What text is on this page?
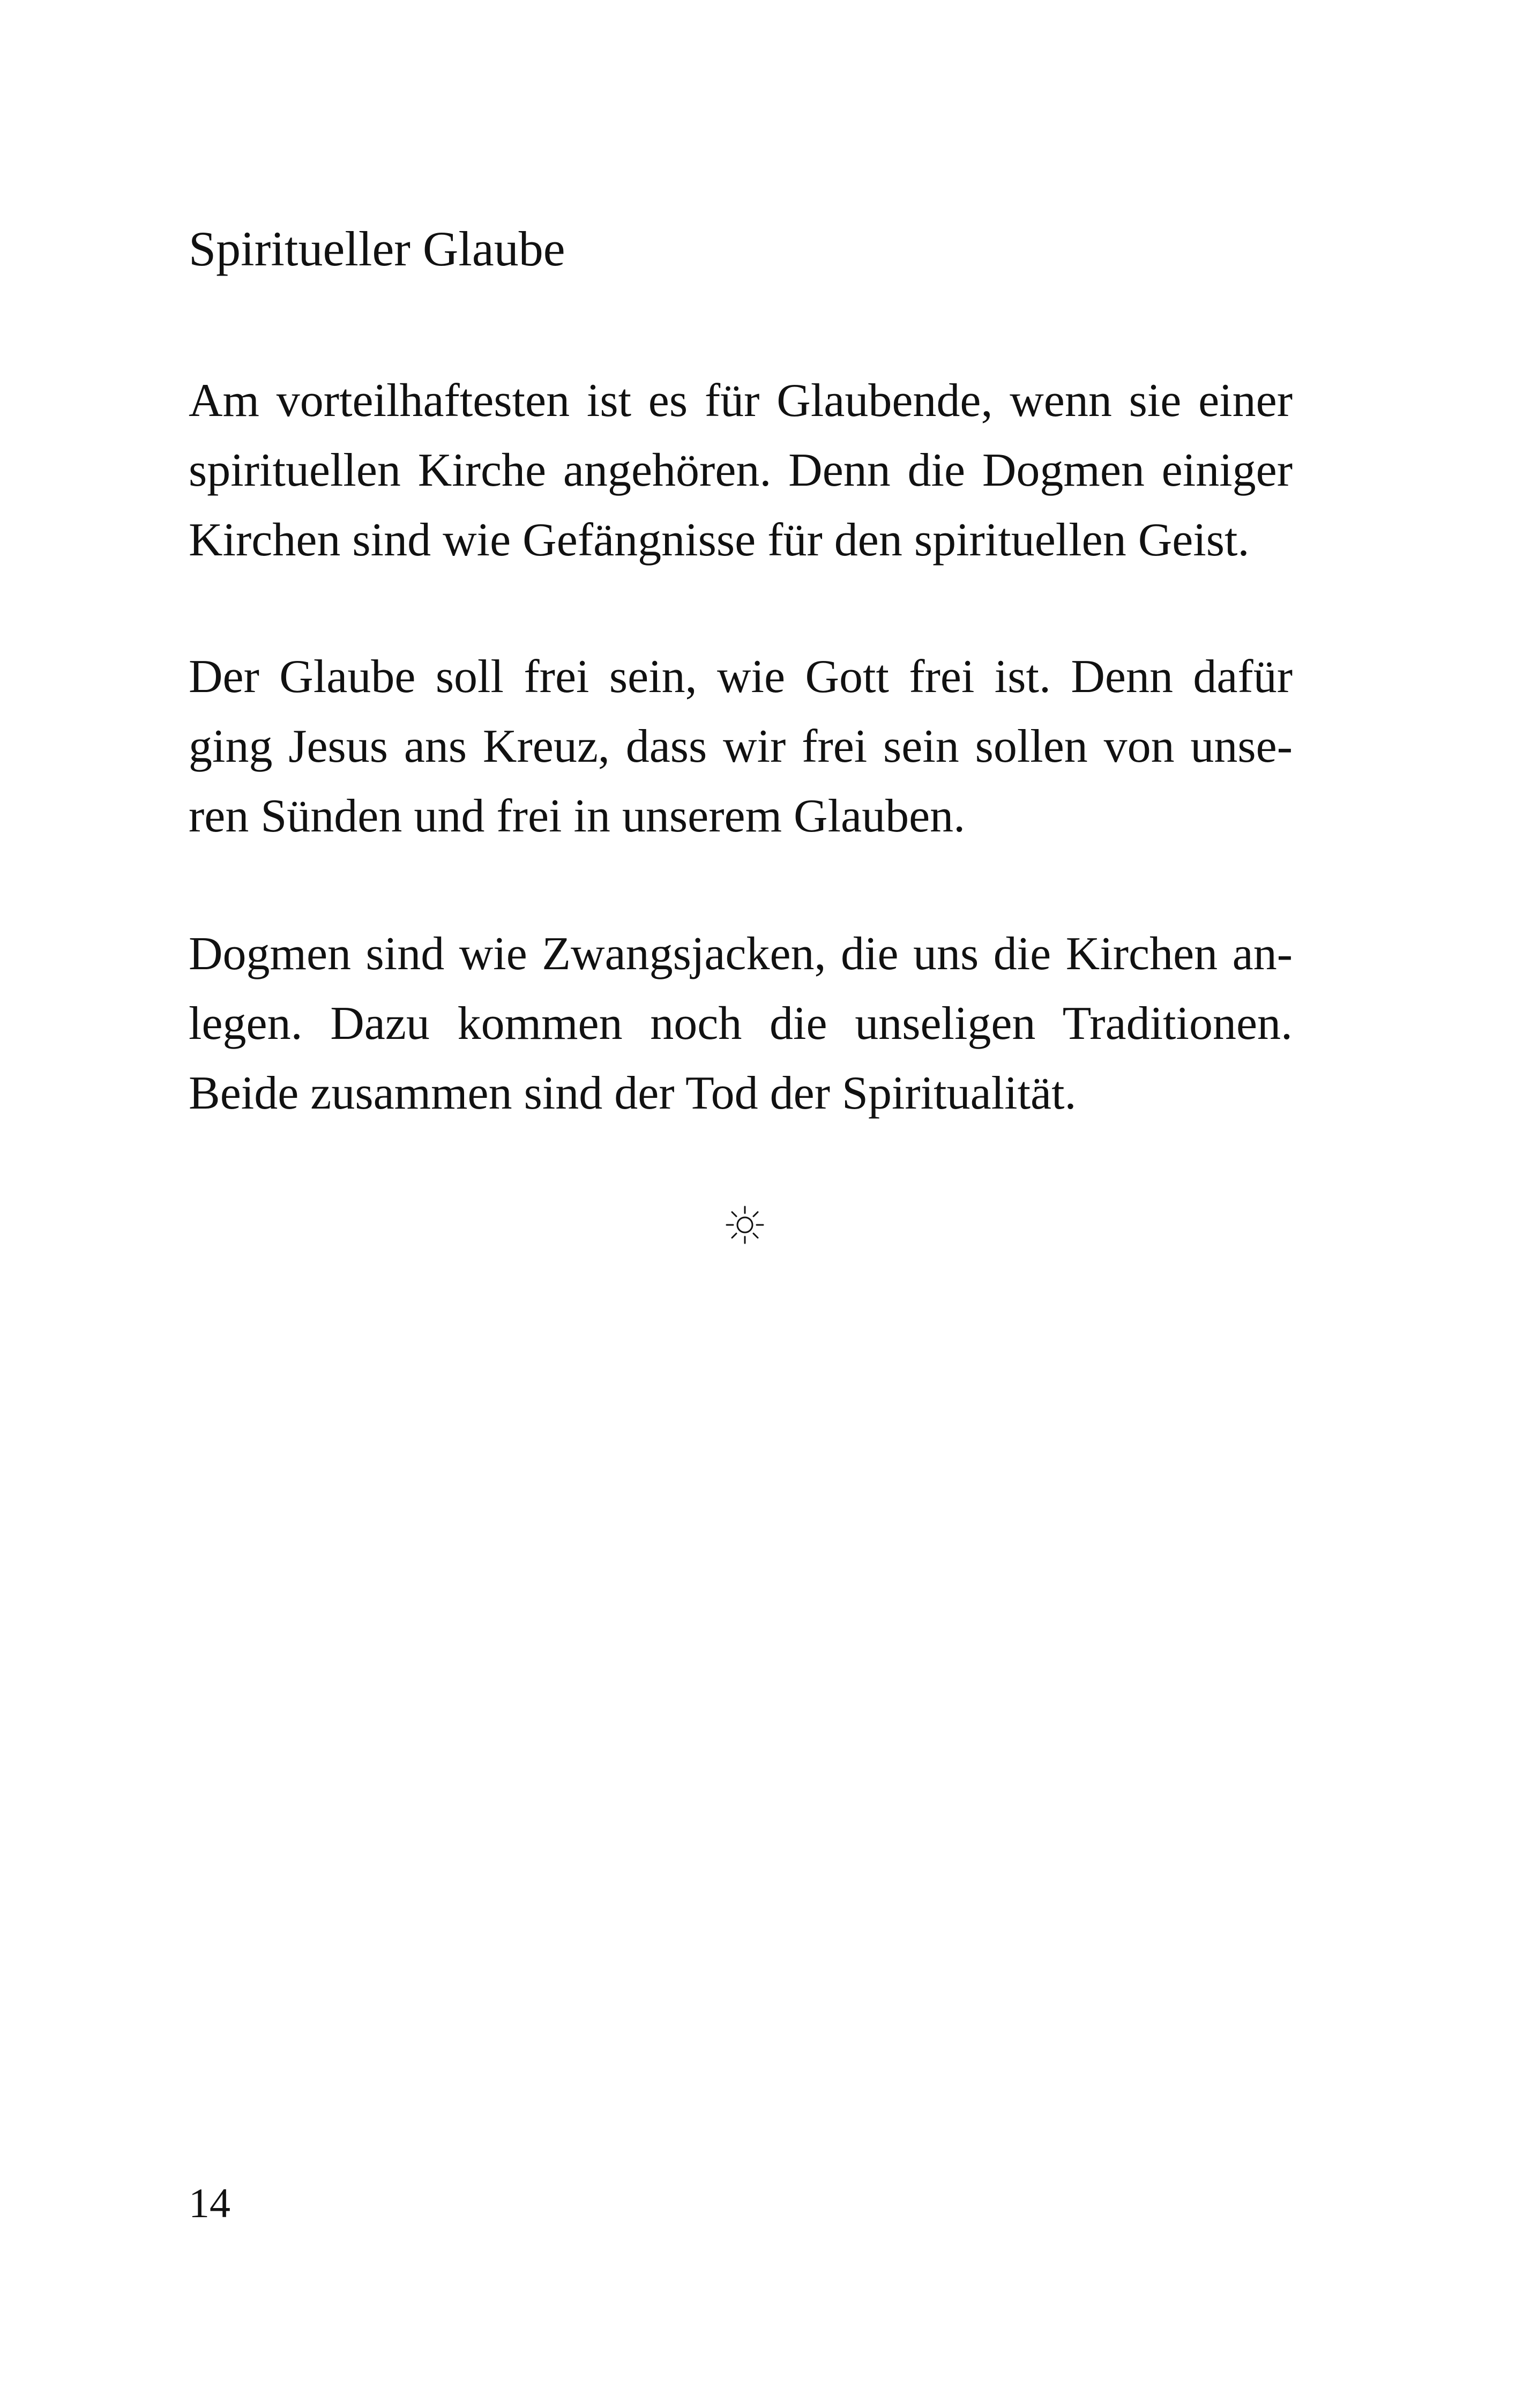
Spiritueller Glaube
Am vorteilhaftesten ist es für Glaubende, wenn sie einer
spirituellen Kirche angehören. Denn die Dogmen einiger
Kirchen sind wie Gefängnisse für den spirituellen Geist.
Der Glaube soll frei sein, wie Gott frei ist. Denn dafür
ging Jesus ans Kreuz, dass wir frei sein sollen von unse-
ren Sünden und frei in unserem Glauben.
Dogmen sind wie Zwangsjacken, die uns die Kirchen an-
legen. Dazu kommen noch die unseligen Traditionen.
Beide zusammen sind der Tod der Spiritualität.

14
